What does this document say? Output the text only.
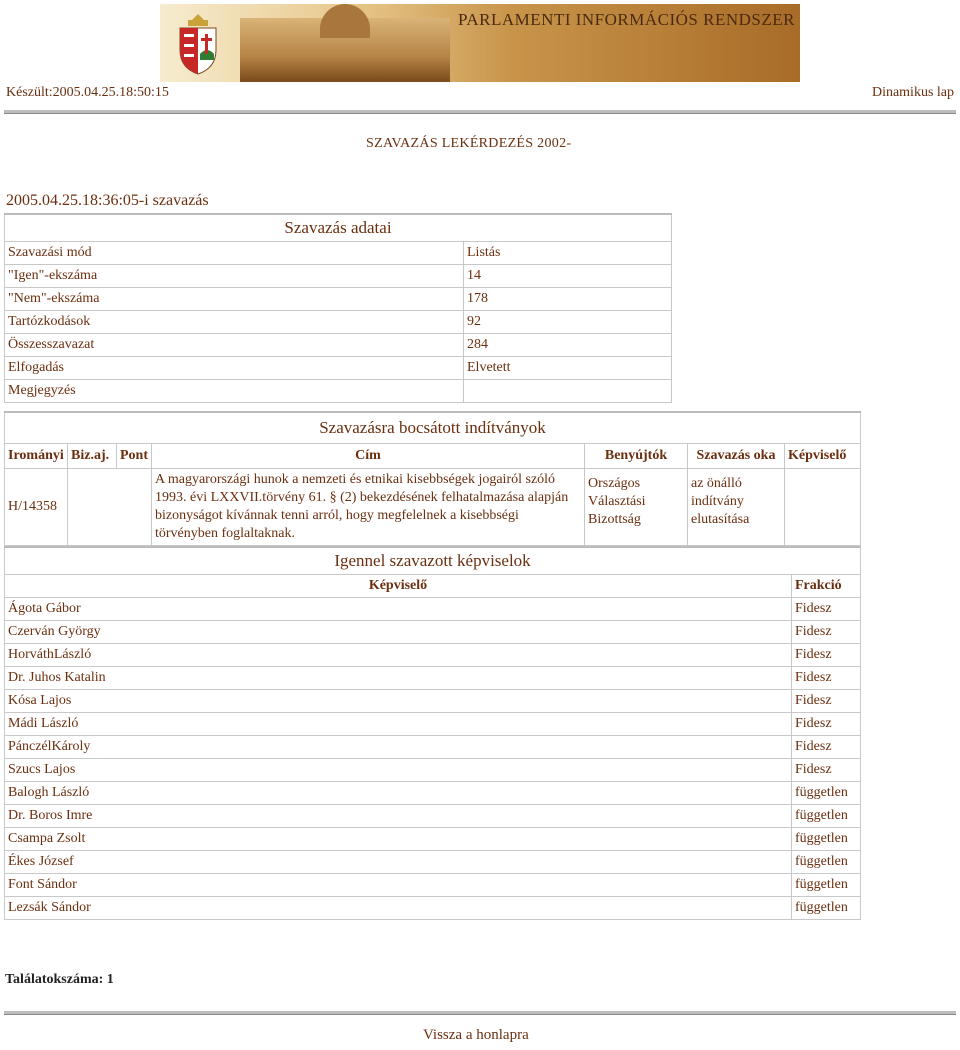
PARLAMENTI INFORMÁCIÓS RENDSZER
Készült:2005.04.25.18:50:15	Dinamikus lap
SZAVAZÁS LEKÉRDEZÉS 2002-
2005.04.25.18:36:05-i szavazás
Szavazás adatai	
Szavazási mód	Listás
"Igen"-ekszáma	14
"Nem"-ekszáma	178
Tartózkodások	92
Összesszavazat	284
Elfogadás	Elvetett
Megjegyzés	
Szavazásra bocsátott indítványok						
Irományi	Biz.aj.	Pont	Cím	Benyújtók	Szavazás oka	Képviselő
H/14358			A magyarországi hunok a nemzeti és etnikai kisebbségek jogairól szóló 1993. évi LXXVII.törvény 61. § (2) bekezdésének felhatalmazása alapján bizonyságot kívánnak tenni arról, hogy megfelelnek a kisebbségi törvényben foglaltaknak.	Országos Választási Bizottság	az önálló indítvány elutasítása	
Igennel szavazott képviselok	
Képviselő	Frakció
Ágota Gábor	Fidesz
Czerván György	Fidesz
HorváthLászló	Fidesz
Dr. Juhos Katalin	Fidesz
Kósa Lajos	Fidesz
Mádi László	Fidesz
PánczélKároly	Fidesz
Szucs Lajos	Fidesz
Balogh László	független
Dr. Boros Imre	független
Csampa Zsolt	független
Ékes József	független
Font Sándor	független
Lezsák Sándor	független
Találatokszáma: 1
Vissza a honlapra
